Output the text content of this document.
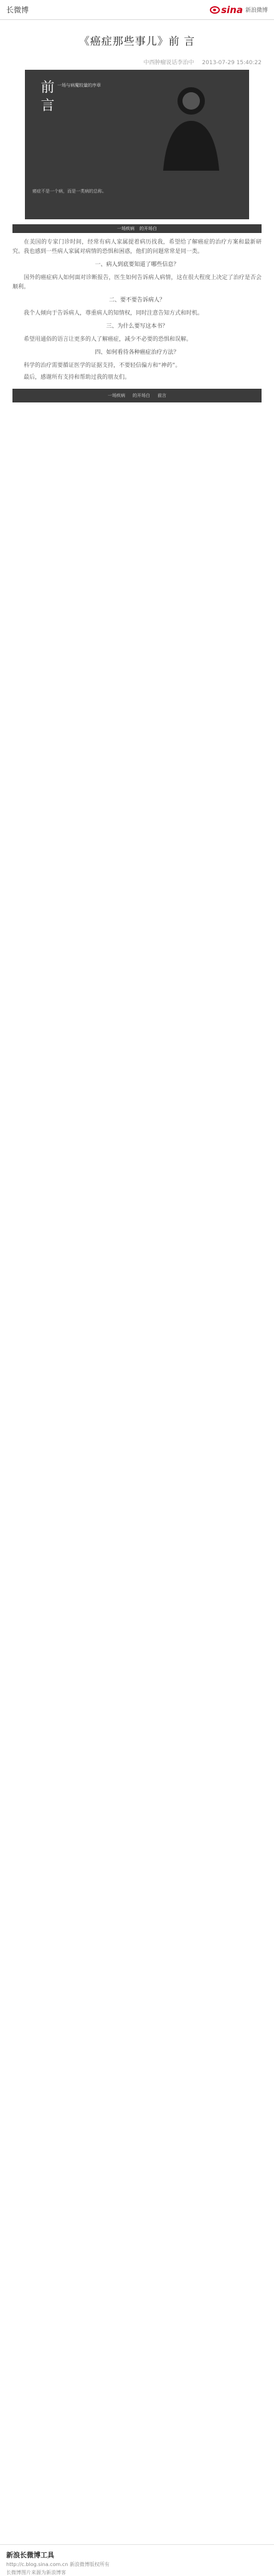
长微博	sina 新浪微博
《癌症那些事儿》前 言
中西肿瘤说话李治中 2013-07-29 15:40:22
前 言 一场与病魔较量的序章
癌症不是一个病，而是一类病的总称。
一场疾病 的开场白

在美国的专家门诊时间，经常有病人家属提着病历找我，希望给了解癌症的治疗方案和最新研究。我也感到一些病人家属对病情的恐惧和困惑，他们的问题常常是同一类。

一、病人到底要知道了哪些信息？

国外的癌症病人如何面对诊断报告，医生如何告诉病人病情，这在很大程度上决定了治疗是否会顺利。

二、要不要告诉病人？

我个人倾向于告诉病人，尊重病人的知情权，同时注意告知方式和时机。

三、为什么要写这本书？

希望用通俗的语言让更多的人了解癌症，减少不必要的恐惧和误解。

四、如何看待各种癌症治疗方法？

科学的治疗需要循证医学的证据支持，不要轻信偏方和“神药”。

最后，感谢所有支持和帮助过我的朋友们。

一场疾病 的开场白 前言
新浪长微博工具
http://c.blog.sina.com.cn 新浪微博版权所有
长微博图片来源为新浪博客
